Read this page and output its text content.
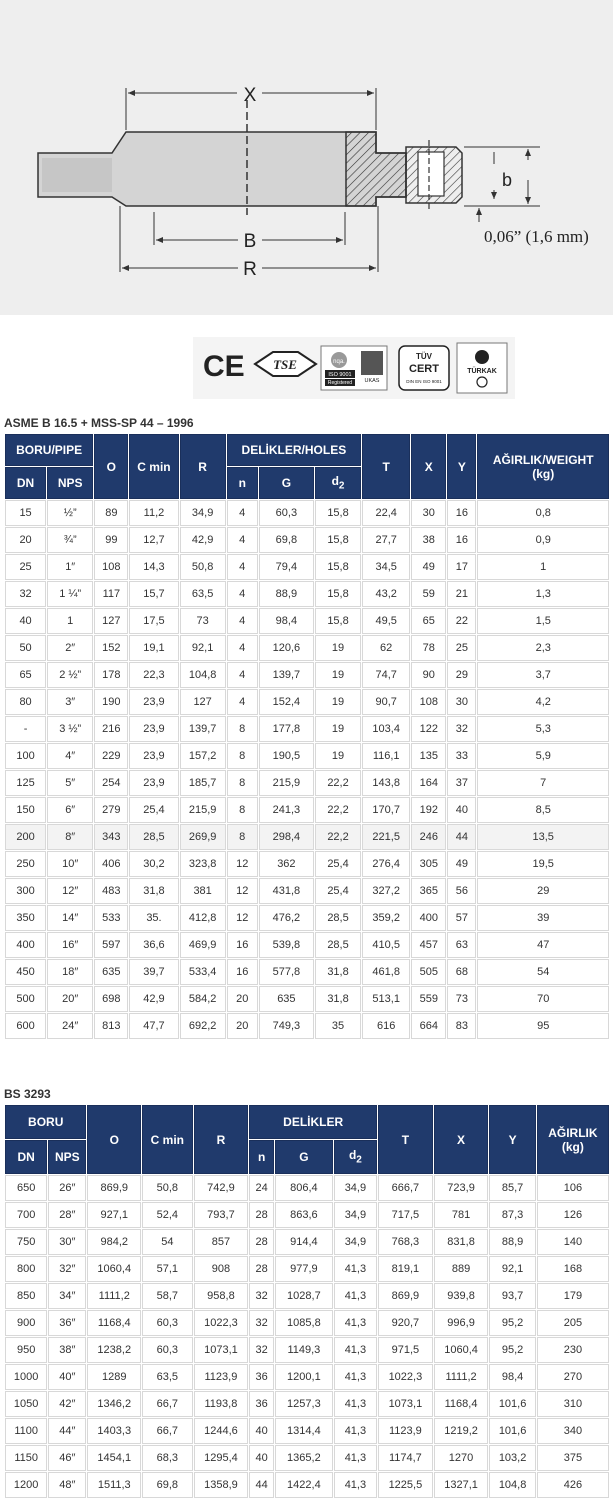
X
B
R
b
0,06” (1,6 mm)
CE TSE	nqa.
ISO 9001
Registered UKAS
TÜV
CERT
DIN EN ISO 9001
TÜRKAK
ASME B 16.5 + MSS-SP 44 – 1996
BORU/PIPE		O	C min	R	DELİKLER/HOLES			T	X	Y	AĞIRLIK/WEIGHT
(kg)
DN	NPS				n	G	$d_2$
15	½”	89	11,2	34,9	4	60,3	15,8	22,4	30	16	0,8
20	¾”	99	12,7	42,9	4	69,8	15,8	27,7	38	16	0,9
25	1″	108	14,3	50,8	4	79,4	15,8	34,5	49	17	1
32	1 ¼”	117	15,7	63,5	4	88,9	15,8	43,2	59	21	1,3
40	1	127	17,5	73	4	98,4	15,8	49,5	65	22	1,5
50	2″	152	19,1	92,1	4	120,6	19	62	78	25	2,3
65	2 ½”	178	22,3	104,8	4	139,7	19	74,7	90	29	3,7
80	3″	190	23,9	127	4	152,4	19	90,7	108	30	4,2
-	3 ½”	216	23,9	139,7	8	177,8	19	103,4	122	32	5,3
100	4″	229	23,9	157,2	8	190,5	19	116,1	135	33	5,9
125	5″	254	23,9	185,7	8	215,9	22,2	143,8	164	37	7
150	6″	279	25,4	215,9	8	241,3	22,2	170,7	192	40	8,5
200	8″	343	28,5	269,9	8	298,4	22,2	221,5	246	44	13,5
250	10″	406	30,2	323,8	12	362	25,4	276,4	305	49	19,5
300	12″	483	31,8	381	12	431,8	25,4	327,2	365	56	29
350	14″	533	35.	412,8	12	476,2	28,5	359,2	400	57	39
400	16″	597	36,6	469,9	16	539,8	28,5	410,5	457	63	47
450	18″	635	39,7	533,4	16	577,8	31,8	461,8	505	68	54
500	20″	698	42,9	584,2	20	635	31,8	513,1	559	73	70
600	24″	813	47,7	692,2	20	749,3	35	616	664	83	95
BS 3293
BORU		O	C min	R	DELİKLER			T	X	Y	AĞIRLIK
(kg)
DN	NPS				n	G	$d_2$
650	26″	869,9	50,8	742,9	24	806,4	34,9	666,7	723,9	85,7	106
700	28″	927,1	52,4	793,7	28	863,6	34,9	717,5	781	87,3	126
750	30″	984,2	54	857	28	914,4	34,9	768,3	831,8	88,9	140
800	32″	1060,4	57,1	908	28	977,9	41,3	819,1	889	92,1	168
850	34″	1111,2	58,7	958,8	32	1028,7	41,3	869,9	939,8	93,7	179
900	36″	1168,4	60,3	1022,3	32	1085,8	41,3	920,7	996,9	95,2	205
950	38″	1238,2	60,3	1073,1	32	1149,3	41,3	971,5	1060,4	95,2	230
1000	40″	1289	63,5	1123,9	36	1200,1	41,3	1022,3	1111,2	98,4	270
1050	42″	1346,2	66,7	1193,8	36	1257,3	41,3	1073,1	1168,4	101,6	310
1100	44″	1403,3	66,7	1244,6	40	1314,4	41,3	1123,9	1219,2	101,6	340
1150	46″	1454,1	68,3	1295,4	40	1365,2	41,3	1174,7	1270	103,2	375
1200	48″	1511,3	69,8	1358,9	44	1422,4	41,3	1225,5	1327,1	104,8	426
